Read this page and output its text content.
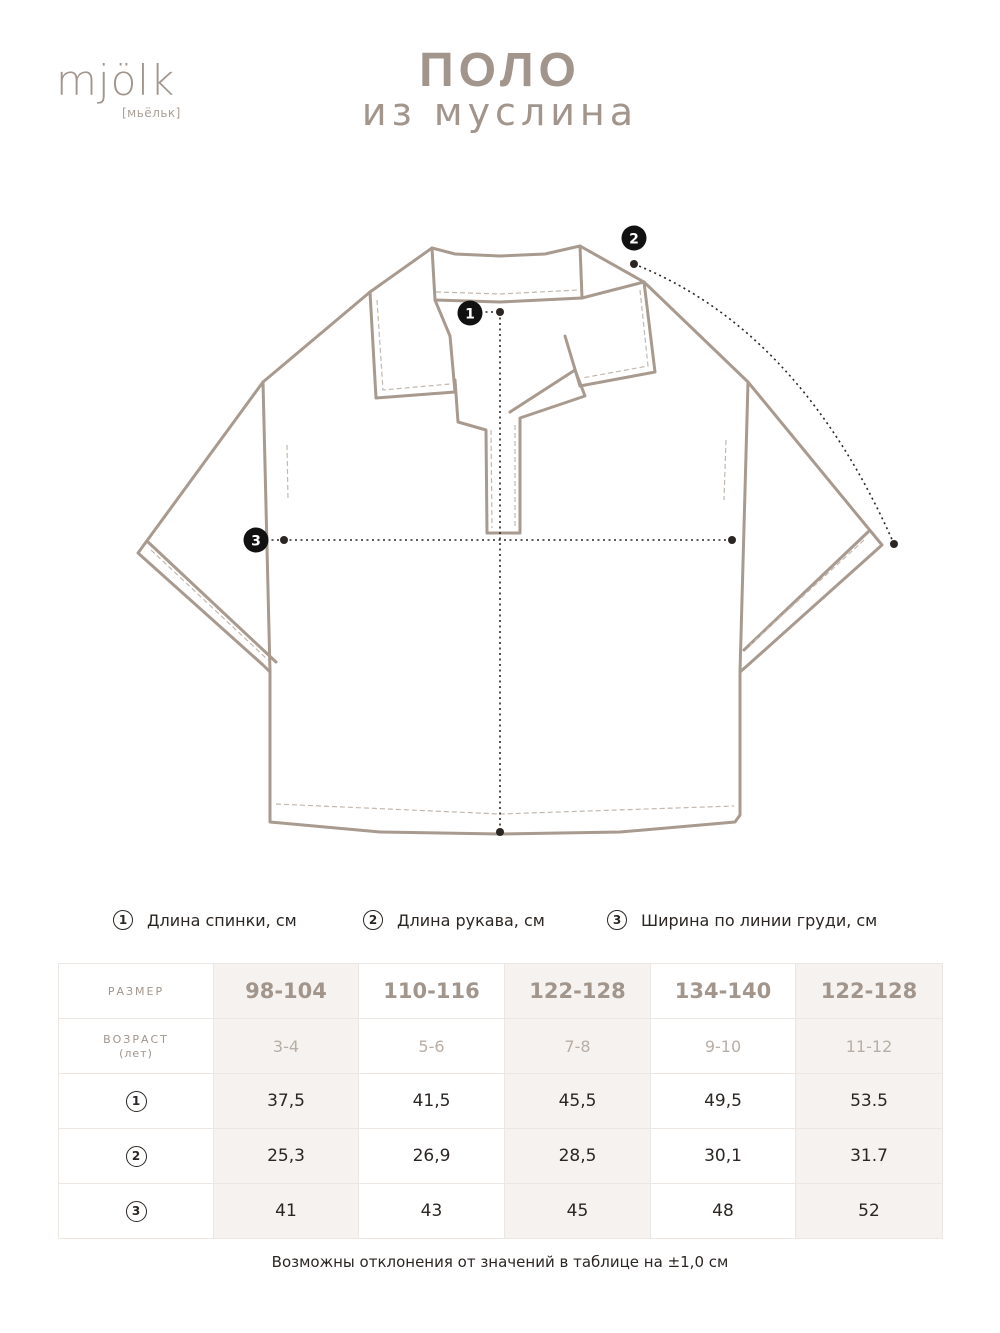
mjölk
[мьёльк]
ПОЛО
из муслина
1
2
3
1	Длина спинки, см	2	Длина рукава, см	3	Ширина по линии груди, см
РАЗМЕР	98-104	110-116	122-128	134-140	122-128
ВОЗРАСТ
(лет)	3-4	5-6	7-8	9-10	11-12
1	37,5	41,5	45,5	49,5	53.5
2	25,3	26,9	28,5	30,1	31.7
3	41	43	45	48	52
Возможны отклонения от значений в таблице на ±1,0 см
